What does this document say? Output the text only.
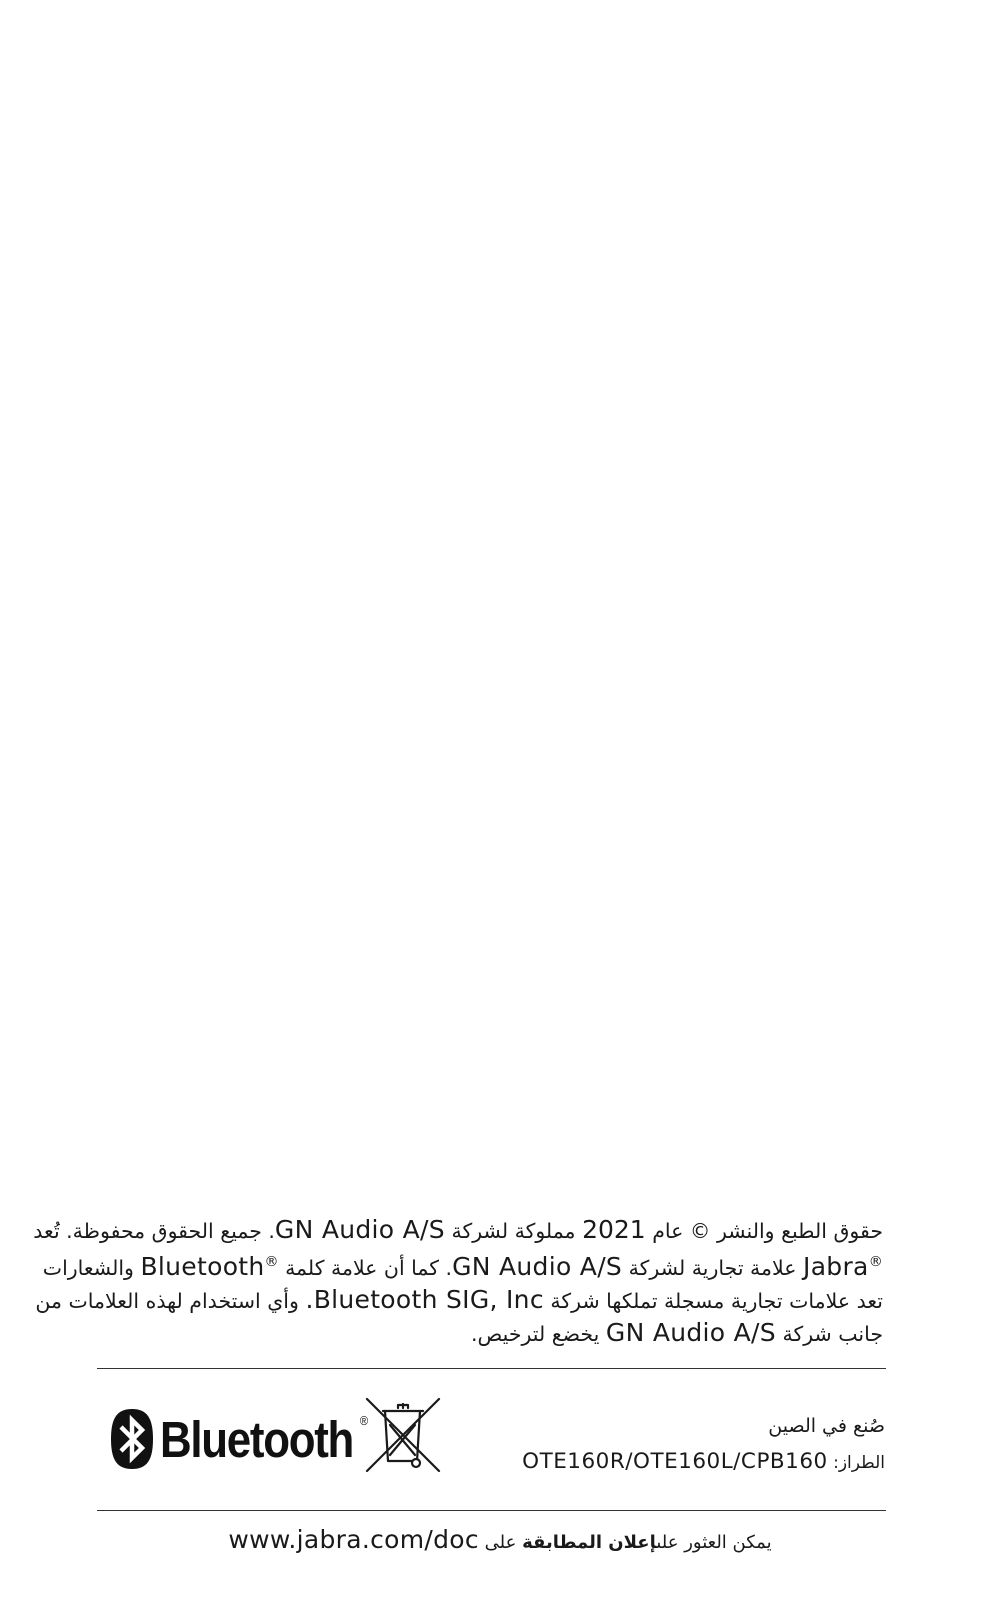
حقوق الطبع والنشر © عام 2021 مملوكة لشركة GN Audio A/S. جميع الحقوق محفوظة. تُعد

®Jabra علامة تجارية لشركة GN Audio A/S. كما أن علامة كلمة ®Bluetooth والشعارات

تعد علامات تجارية مسجلة تملكها شركة Bluetooth SIG, Inc. وأي استخدام لهذه العلامات من

جانب شركة GN Audio A/S يخضع لترخيص.

Bluetooth ®	صُنع في الصين
الطراز: OTE160R/OTE160L/CPB160
يمكن العثور علىإعلان المطابقة على www.jabra.com/doc
